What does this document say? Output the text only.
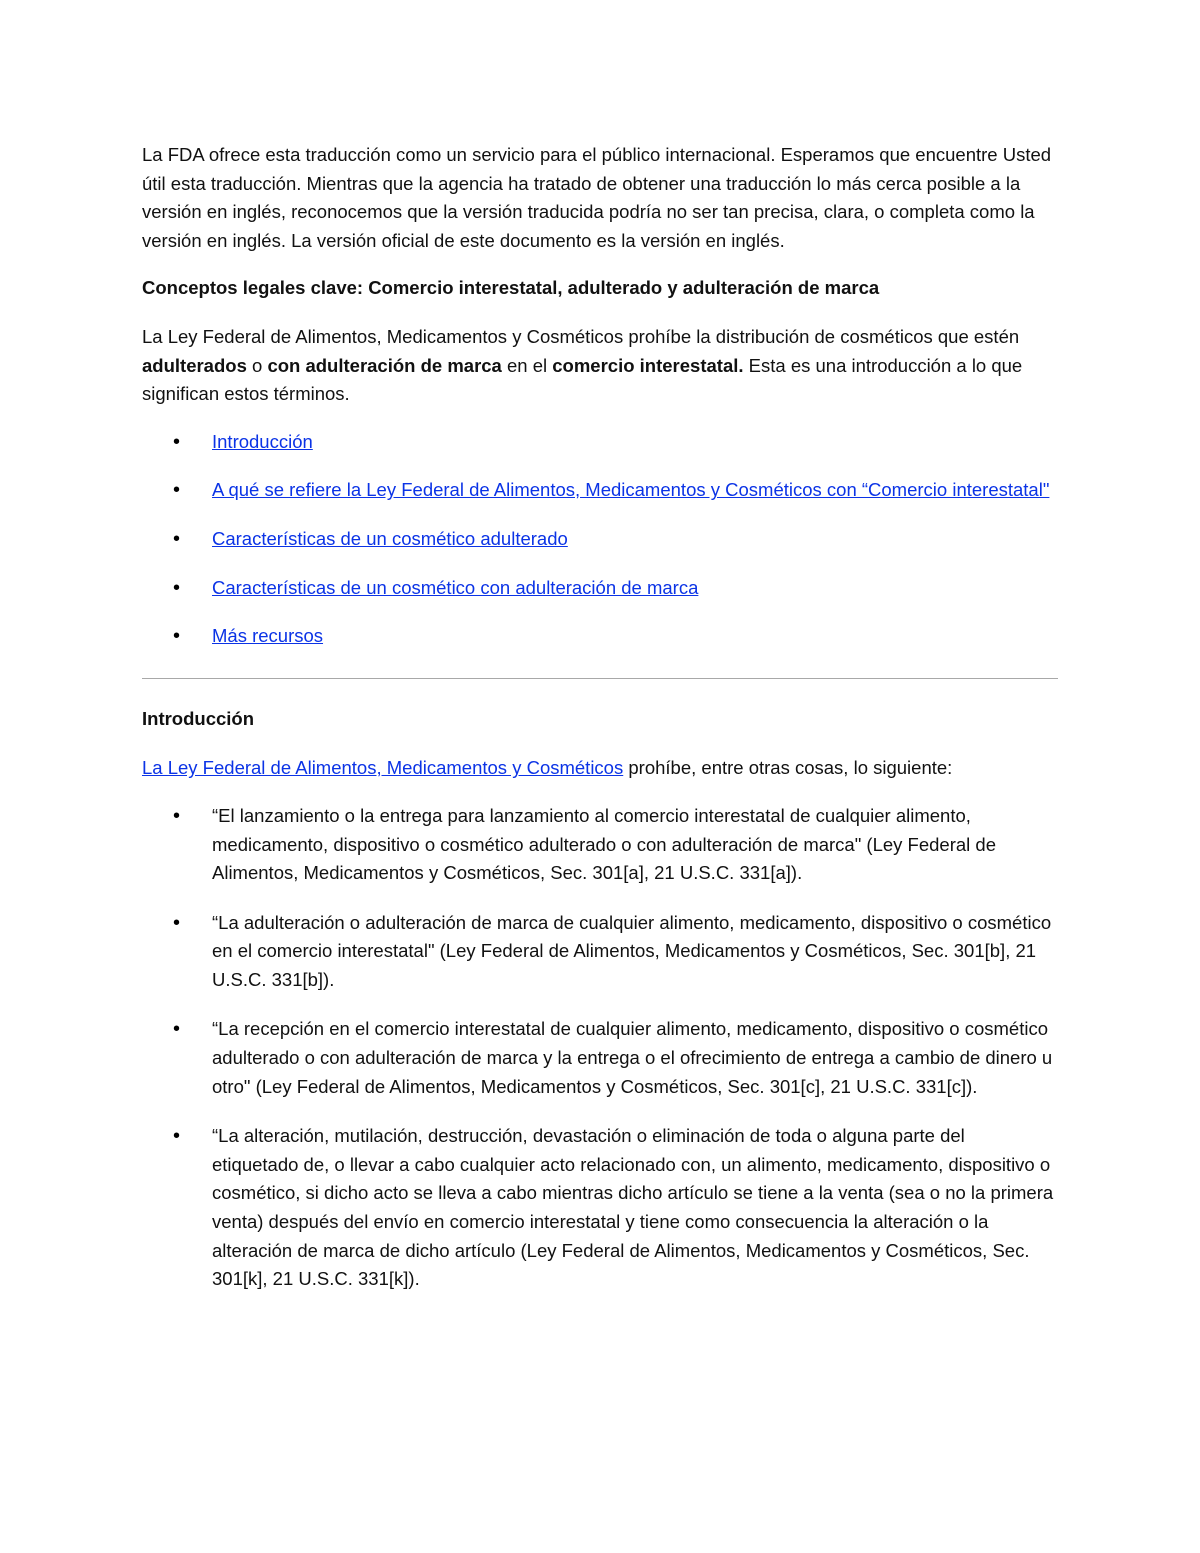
La FDA ofrece esta traducción como un servicio para el público internacional. Esperamos que encuentre Usted útil esta traducción. Mientras que la agencia ha tratado de obtener una traducción lo más cerca posible a la versión en inglés, reconocemos que la versión traducida podría no ser tan precisa, clara, o completa como la versión en inglés. La versión oficial de este documento es la versión en inglés.

Conceptos legales clave: Comercio interestatal, adulterado y adulteración de marca

La Ley Federal de Alimentos, Medicamentos y Cosméticos prohíbe la distribución de cosméticos que estén adulterados o con adulteración de marca en el comercio interestatal. Esta es una introducción a lo que significan estos términos.

• Introducción
• A qué se refiere la Ley Federal de Alimentos, Medicamentos y Cosméticos con “Comercio interestatal"
• Características de un cosmético adulterado
• Características de un cosmético con adulteración de marca
• Más recursos

Introducción

La Ley Federal de Alimentos, Medicamentos y Cosméticos prohíbe, entre otras cosas, lo siguiente:

• “El lanzamiento o la entrega para lanzamiento al comercio interestatal de cualquier alimento, medicamento, dispositivo o cosmético adulterado o con adulteración de marca" (Ley Federal de Alimentos, Medicamentos y Cosméticos, Sec. 301[a], 21 U.S.C. 331[a]).
• “La adulteración o adulteración de marca de cualquier alimento, medicamento, dispositivo o cosmético en el comercio interestatal" (Ley Federal de Alimentos, Medicamentos y Cosméticos, Sec. 301[b], 21 U.S.C. 331[b]).
• “La recepción en el comercio interestatal de cualquier alimento, medicamento, dispositivo o cosmético adulterado o con adulteración de marca y la entrega o el ofrecimiento de entrega a cambio de dinero u otro" (Ley Federal de Alimentos, Medicamentos y Cosméticos, Sec. 301[c], 21 U.S.C. 331[c]).
• “La alteración, mutilación, destrucción, devastación o eliminación de toda o alguna parte del etiquetado de, o llevar a cabo cualquier acto relacionado con, un alimento, medicamento, dispositivo o cosmético, si dicho acto se lleva a cabo mientras dicho artículo se tiene a la venta (sea o no la primera venta) después del envío en comercio interestatal y tiene como consecuencia la alteración o la alteración de marca de dicho artículo (Ley Federal de Alimentos, Medicamentos y Cosméticos, Sec. 301[k], 21 U.S.C. 331[k]).
